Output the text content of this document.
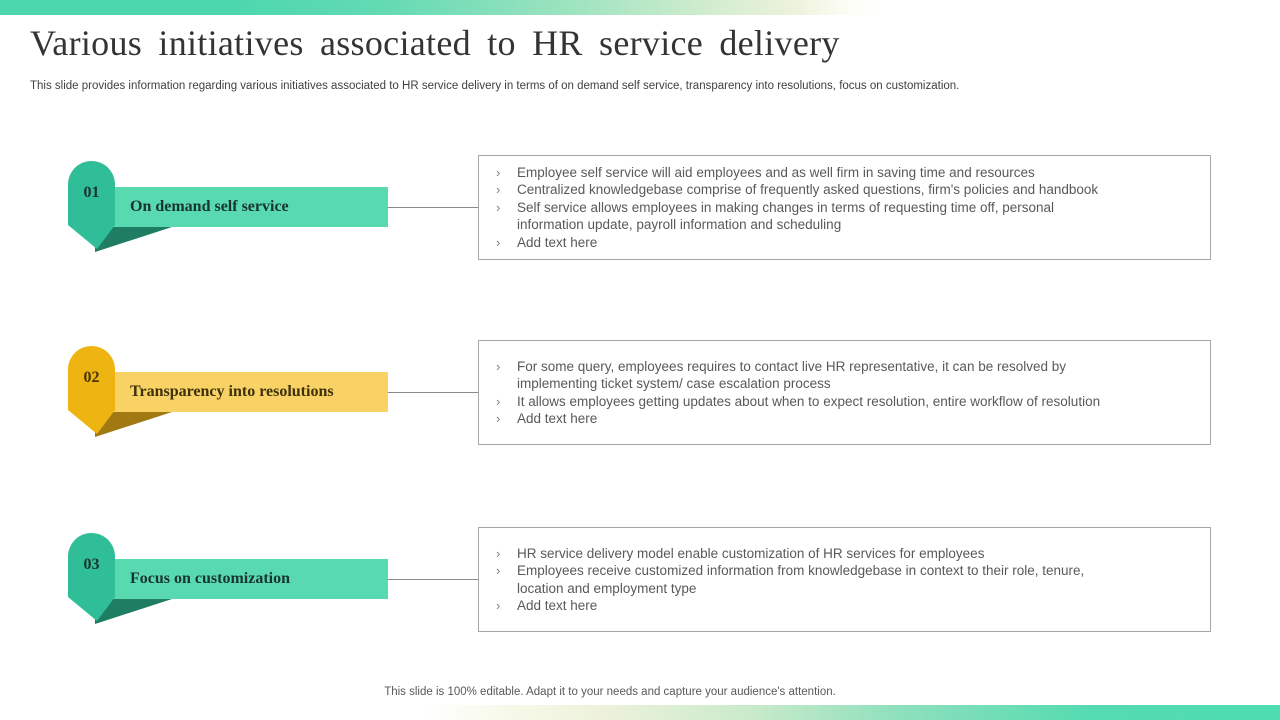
Various initiatives associated to HR service delivery
This slide provides information regarding various initiatives associated to HR service delivery in terms of on demand self service, transparency into resolutions, focus on customization.
On demand self service
01
›	Employee self service will aid employees and as well firm in saving time and resources
›	Centralized knowledgebase comprise of frequently asked questions, firm's policies and handbook
›	Self service allows employees in making changes in terms of requesting time off, personal
information update, payroll information and scheduling
›	Add text here
Transparency into resolutions
02
›	For some query, employees requires to contact live HR representative, it can be resolved by
implementing ticket system/ case escalation process
›	It allows employees getting updates about when to expect resolution, entire workflow of resolution
›	Add text here
Focus on customization
03
›	HR service delivery model enable customization of HR services for employees
›	Employees receive customized information from knowledgebase in context to their role, tenure,
location and employment type
›	Add text here
This slide is 100% editable. Adapt it to your needs and capture your audience's attention.
